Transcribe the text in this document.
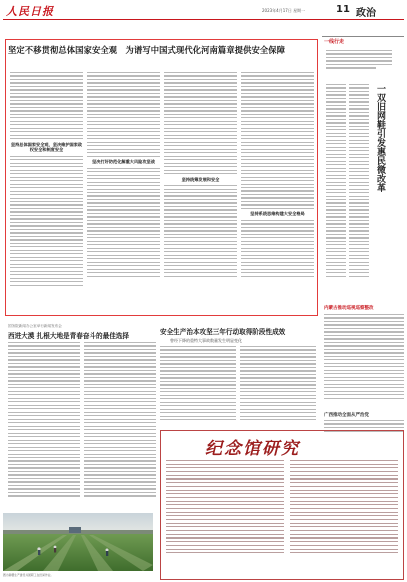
人民日报	2023年4月17日 星期一	11 政治
坚定不移贯彻总体国家安全观　为谱写中国式现代化河南篇章提供安全保障
坚持总体国家安全观，坚决维护国家政权安全和制度安全
坚决打好防范化解重大风险攻坚战
坚持统筹发展和安全
坚持系统思维构建大安全格局
一线行走
一双旧网鞋引发惠民微改革
内蒙古推动巡视巡察整改
广西推动全面从严治党
国务院新闻办公室举行新闻发布会
西进大漠 扎根大地是青春奋斗的最佳选择	安全生产治本攻坚三年行动取得阶段性成效
曾经下降的重特大事故数量发生明显变化
纪念馆研究
图为新疆生产建设兵团职工在田间作业。
